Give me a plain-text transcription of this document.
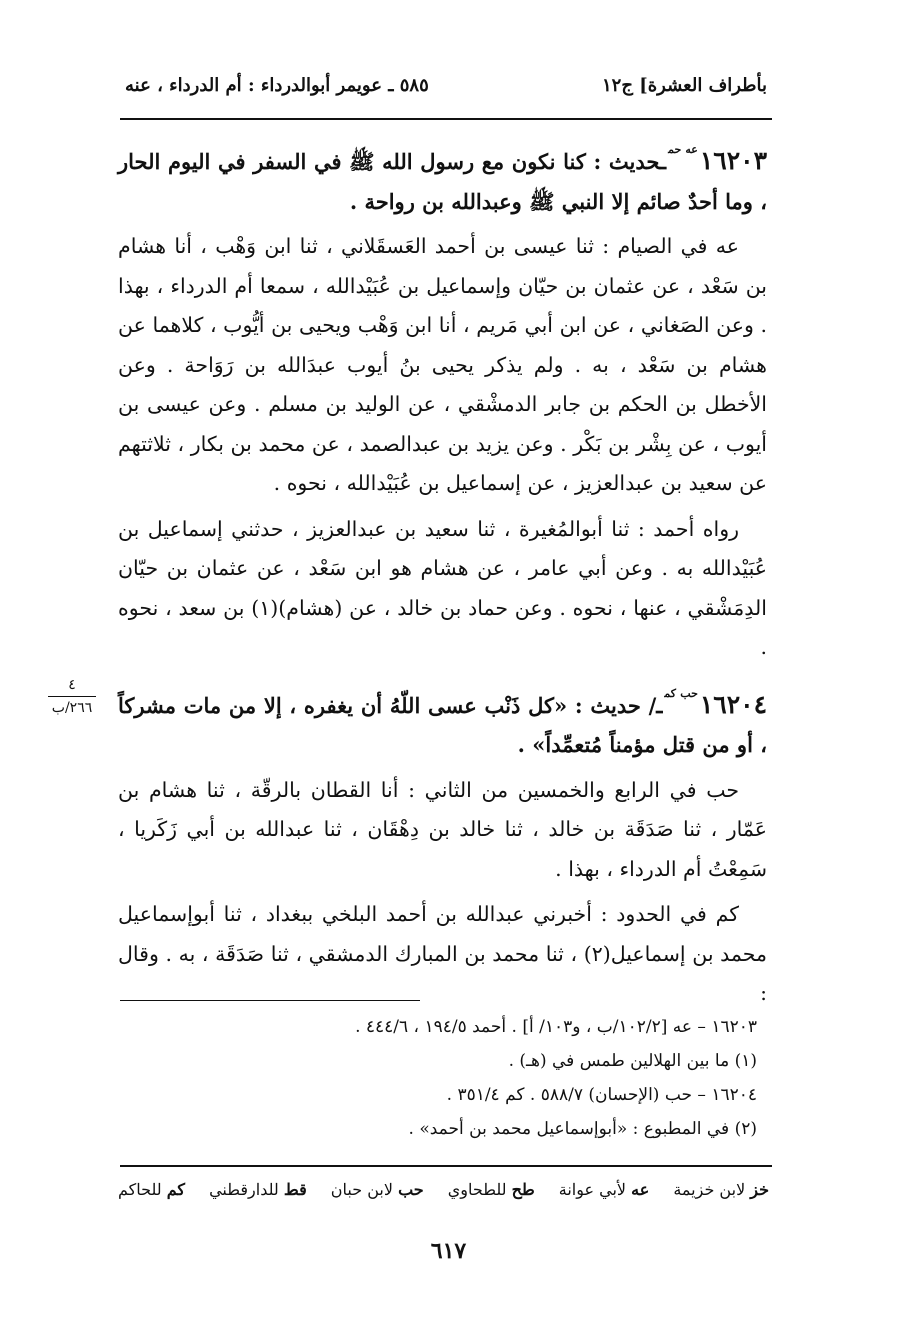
بأطراف العشرة] ج١٢
٥٨٥ ـ عويمر أبوالدرداء : أم الدرداء ، عنه

$١٦٢٠٣^{عه حم}ـحديث$ : كنا نكون مع رسول الله ﷺ في السفر في اليوم الحار ، وما أحدٌ صائم إلا النبي ﷺ وعبدالله بن رواحة .

عه في الصيام : ثنا عيسى بن أحمد العَسقَلاني ، ثنا ابن وَهْب ، أنا هشام بن سَعْد ، عن عثمان بن حيّان وإسماعيل بن عُبَيْدالله ، سمعا أم الدرداء ، بهذا . وعن الصَغاني ، عن ابن أبي مَريم ، أنا ابن وَهْب ويحيى بن أيُّوب ، كلاهما عن هشام بن سَعْد ، به . ولم يذكر يحيى بنُ أيوب عبدَالله بن رَوَاحة . وعن الأخطل بن الحكم بن جابر الدمشْقي ، عن الوليد بن مسلم . وعن عيسى بن أيوب ، عن بِشْر بن بَكْر . وعن يزيد بن عبدالصمد ، عن محمد بن بكار ، ثلاثتهم عن سعيد بن عبدالعزيز ، عن إسماعيل بن عُبَيْدالله ، نحوه .

رواه أحمد : ثنا أبوالمُغيرة ، ثنا سعيد بن عبدالعزيز ، حدثني إسماعيل بن عُبَيْدالله به . وعن أبي عامر ، عن هشام هو ابن سَعْد ، عن عثمان بن حيّان الدِمَشْقي ، عنها ، نحوه . وعن حماد بن خالد ، عن (هشام)(١) بن سعد ، نحوه .

$١٦٢٠٤^{حب كم}ـ/$ حديث : «كل ذَنْب عسى اللّهُ أن يغفره ، إلا من مات مشركاً ، أو من قتل مؤمناً مُتعمِّداً» .

حب في الرابع والخمسين من الثاني : أنا القطان بالرقّة ، ثنا هشام بن عَمّار ، ثنا صَدَقَة بن خالد ، ثنا خالد بن دِهْقَان ، ثنا عبدالله بن أبي زَكَريا ، سَمِعْتُ أم الدرداء ، بهذا .

كم في الحدود : أخبرني عبدالله بن أحمد البلخي ببغداد ، ثنا أبوإسماعيل محمد بن إسماعيل(٢) ، ثنا محمد بن المبارك الدمشقي ، ثنا صَدَقَة ، به . وقال :

٤
٢٦٦/ب
١٦٢٠٣ – عه [١٠٢/٢/ب ، و١٠٣/ أ] . أحمد ١٩٤/٥ ، ٤٤٤/٦ .
(١) ما بين الهلالين طمس في (هـ) .
١٦٢٠٤ – حب (الإحسان) ٥٨٨/٧ . كم ٣٥١/٤ .
(٢) في المطبوع : «أبوإسماعيل محمد بن أحمد» .
خز لابن خزيمة
عه لأبي عوانة
طح للطحاوي
حب لابن حبان
قط للدارقطني
كم للحاكم
٦١٧
